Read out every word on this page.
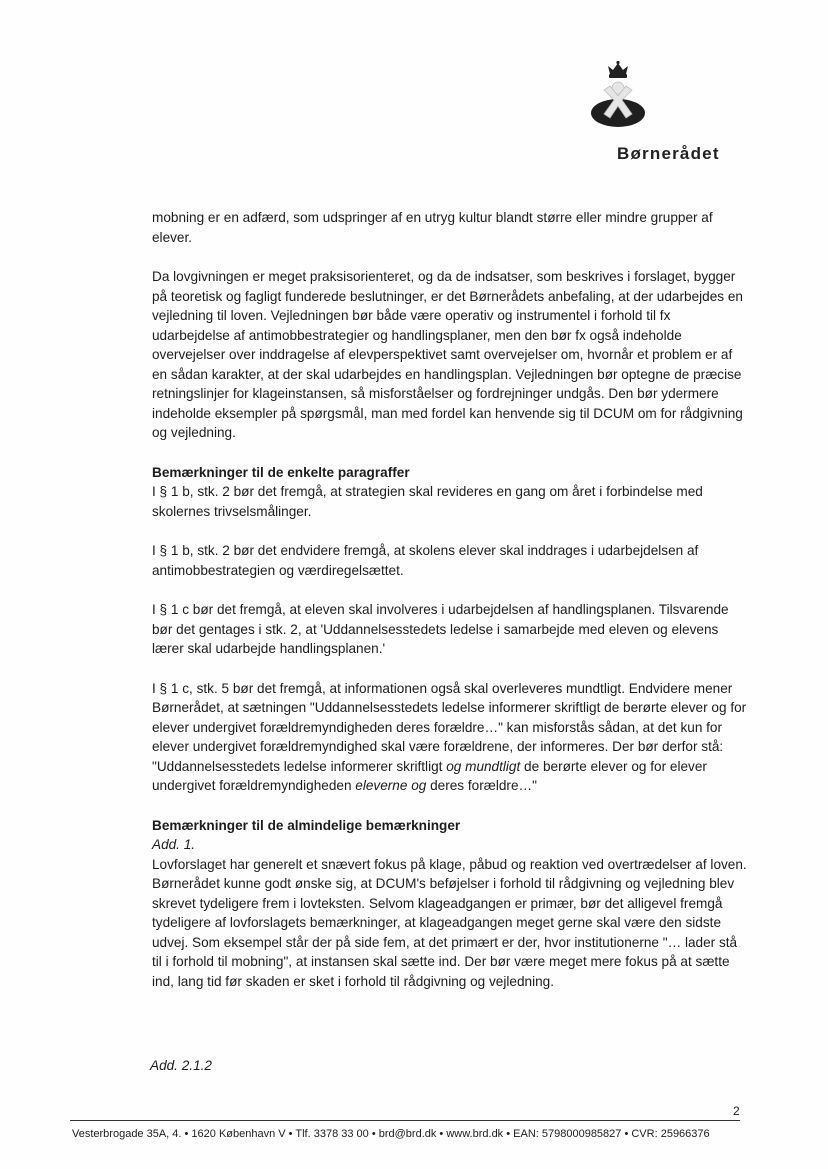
Børnerådet

mobning er en adfærd, som udspringer af en utryg kultur blandt større eller mindre grupper af elever.

Da lovgivningen er meget praksisorienteret, og da de indsatser, som beskrives i forslaget, bygger på teoretisk og fagligt funderede beslutninger, er det Børnerådets anbefaling, at der udarbejdes en vejledning til loven. Vejledningen bør både være operativ og instrumentel i forhold til fx udarbejdelse af antimobbestrategier og handlingsplaner, men den bør fx også indeholde overvejelser over inddragelse af elevperspektivet samt overvejelser om, hvornår et problem er af en sådan karakter, at der skal udarbejdes en handlingsplan. Vejledningen bør optegne de præcise retningslinjer for klageinstansen, så misforståelser og fordrejninger undgås. Den bør ydermere indeholde eksempler på spørgsmål, man med fordel kan henvende sig til DCUM om for rådgivning og vejledning.

Bemærkninger til de enkelte paragraffer

I § 1 b, stk. 2 bør det fremgå, at strategien skal revideres en gang om året i forbindelse med skolernes trivselsmålinger.

I § 1 b, stk. 2 bør det endvidere fremgå, at skolens elever skal inddrages i udarbejdelsen af antimobbestrategien og værdiregelsættet.

I § 1 c bør det fremgå, at eleven skal involveres i udarbejdelsen af handlingsplanen. Tilsvarende bør det gentages i stk. 2, at 'Uddannelsesstedets ledelse i samarbejde med eleven og elevens lærer skal udarbejde handlingsplanen.'

I § 1 c, stk. 5 bør det fremgå, at informationen også skal overleveres mundtligt. Endvidere mener Børnerådet, at sætningen "Uddannelsesstedets ledelse informerer skriftligt de berørte elever og for elever undergivet forældremyndigheden deres forældre…" kan misforstås sådan, at det kun for elever undergivet forældremyndighed skal være forældrene, der informeres. Der bør derfor stå: "Uddannelsesstedets ledelse informerer skriftligt og mundtligt de berørte elever og for elever undergivet forældremyndigheden eleverne og deres forældre…"

Bemærkninger til de almindelige bemærkninger

Add. 1.

Lovforslaget har generelt et snævert fokus på klage, påbud og reaktion ved overtrædelser af loven. Børnerådet kunne godt ønske sig, at DCUM's beføjelser i forhold til rådgivning og vejledning blev skrevet tydeligere frem i lovteksten. Selvom klageadgangen er primær, bør det alligevel fremgå tydeligere af lovforslagets bemærkninger, at klageadgangen meget gerne skal være den sidste udvej. Som eksempel står der på side fem, at det primært er der, hvor institutionerne "… lader stå til i forhold til mobning", at instansen skal sætte ind. Der bør være meget mere fokus på at sætte ind, lang tid før skaden er sket i forhold til rådgivning og vejledning.

Add. 2.1.2
2
Vesterbrogade 35A, 4. • 1620 København V • Tlf. 3378 33 00 • brd@brd.dk • www.brd.dk • EAN: 5798000985827 • CVR: 25966376
